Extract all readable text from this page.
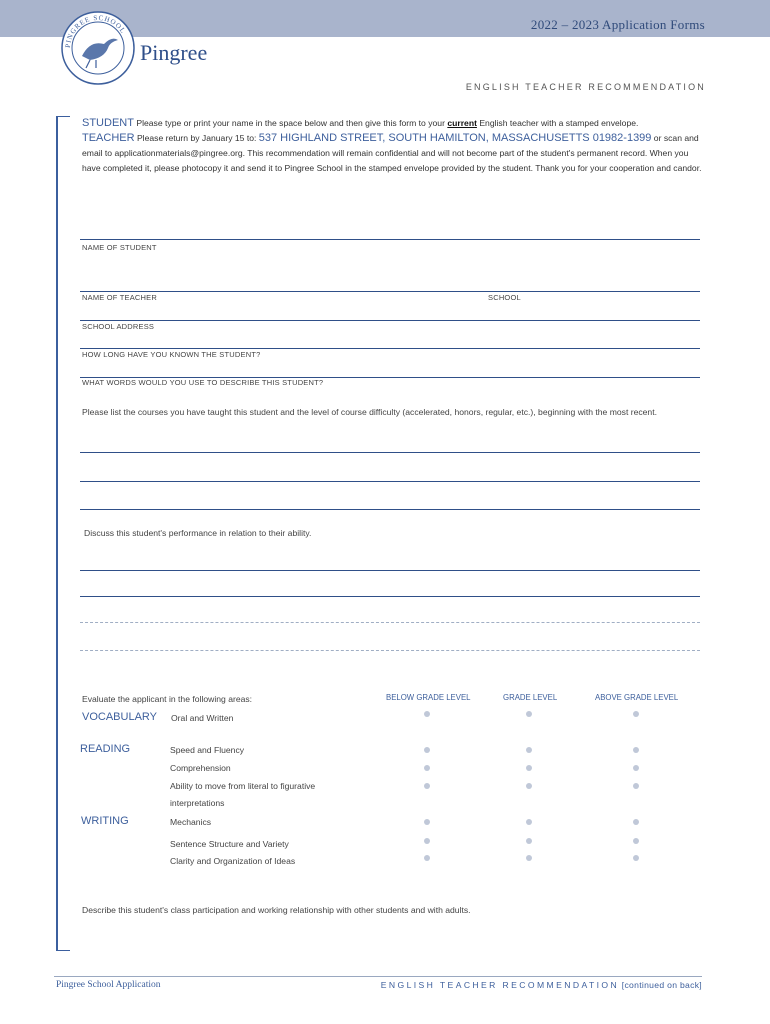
2022 – 2023 Application Forms
PINGREE SCHOOL
Pingree
ENGLISH TEACHER RECOMMENDATION
STUDENT Please type or print your name in the space below and then give this form to your current English teacher with a stamped envelope.
TEACHER Please return by January 15 to: 537 HIGHLAND STREET, SOUTH HAMILTON, MASSACHUSETTS 01982-1399 or scan and email to applicationmaterials@pingree.org. This recommendation will remain confidential and will not become part of the student's permanent record. When you have completed it, please photocopy it and send it to Pingree School in the stamped envelope provided by the student. Thank you for your cooperation and candor.
NAME OF STUDENT
NAME OF TEACHER	SCHOOL
SCHOOL ADDRESS
HOW LONG HAVE YOU KNOWN THE STUDENT?
WHAT WORDS WOULD YOU USE TO DESCRIBE THIS STUDENT?
Please list the courses you have taught this student and the level of course difficulty (accelerated, honors, regular, etc.), beginning with the most recent.
Discuss this student's performance in relation to their ability.
Evaluate the applicant in the following areas:	BELOW GRADE LEVEL	GRADE LEVEL	ABOVE GRADE LEVEL
VOCABULARY Oral and Written
READING	Speed and Fluency
Comprehension
Ability to move from literal to figurative
interpretations
WRITING	Mechanics
Sentence Structure and Variety
Clarity and Organization of Ideas
Describe this student's class participation and working relationship with other students and with adults.
Pingree School Application	ENGLISH TEACHER RECOMMENDATION [continued on back]
